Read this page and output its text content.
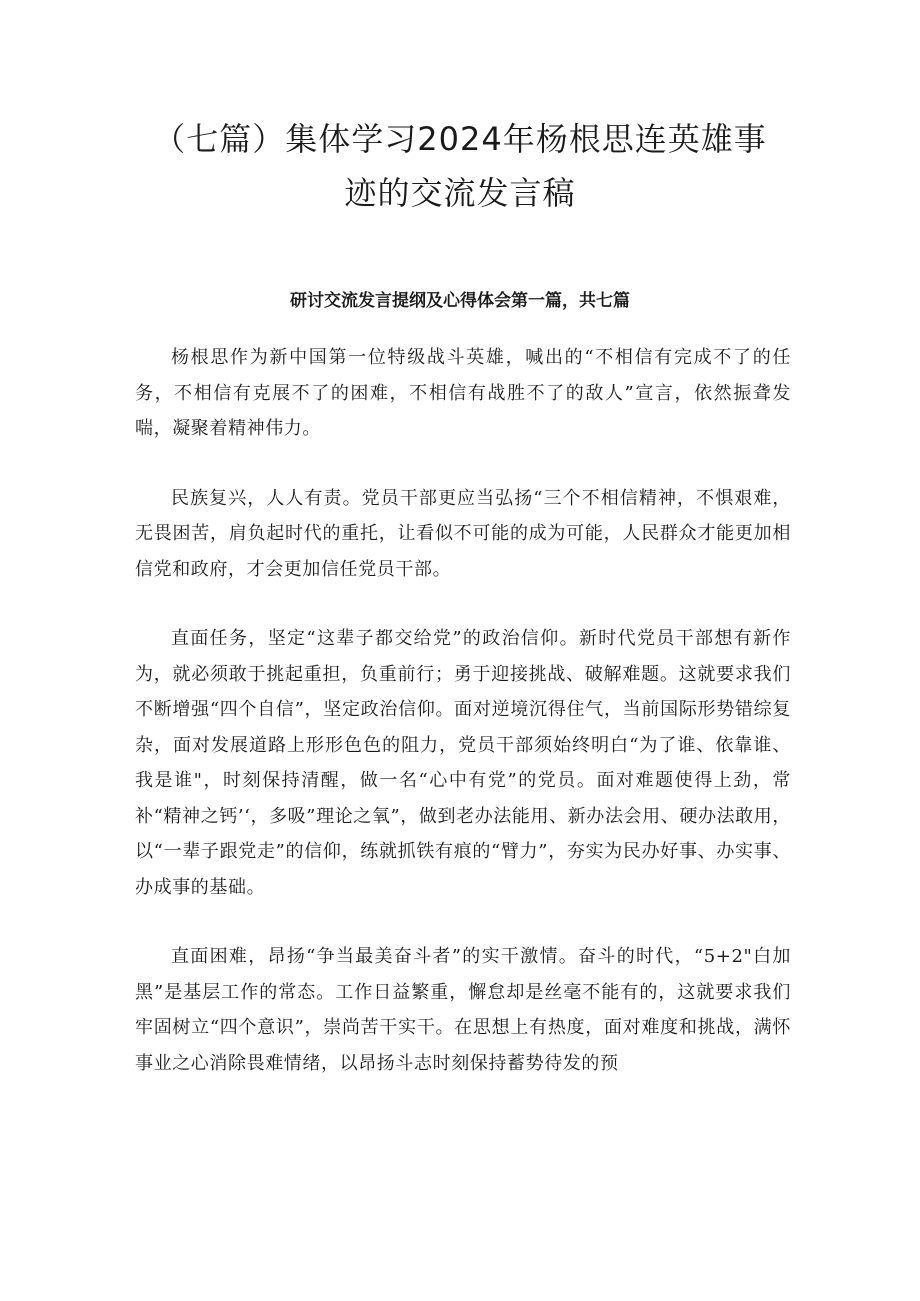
（七篇）集体学习2024年杨根思连英雄事
迹的交流发言稿

研讨交流发言提纲及心得体会第一篇，共七篇

杨根思作为新中国第一位特级战斗英雄，喊出的“不相信有完成不了的任务，不相信有克展不了的困难，不相信有战胜不了的敌人”宣言，依然振聋发喘，凝聚着精神伟力。

民族复兴，人人有责。党员干部更应当弘扬“三个不相信精神，不惧艰难，无畏困苦，肩负起时代的重托，让看似不可能的成为可能，人民群众才能更加相信党和政府，才会更加信任党员干部。

直面任务，坚定“这辈子都交给党”的政治信仰。新时代党员干部想有新作为，就必须敢于挑起重担，负重前行；勇于迎接挑战、破解难题。这就要求我们不断增强“四个自信”，坚定政治信仰。面对逆境沉得住气，当前国际形势错综复杂，面对发展道路上形形色色的阻力，党员干部须始终明白“为了谁、依靠谁、我是谁"，时刻保持清醒，做一名“心中有党”的党员。面对难题使得上劲，常补“精神之钙’‘，多吸”理论之氧”，做到老办法能用、新办法会用、硬办法敢用，以“一辈子跟党走”的信仰，练就抓铁有痕的“臂力”，夯实为民办好事、办实事、办成事的基础。

直面困难，昂扬“争当最美奋斗者”的实干激情。奋斗的时代，“5+2"白加黑”是基层工作的常态。工作日益繁重，懈怠却是丝毫不能有的，这就要求我们牢固树立“四个意识”，崇尚苦干实干。在思想上有热度，面对难度和挑战，满怀事业之心消除畏难情绪，以昂扬斗志时刻保持蓄势待发的预
